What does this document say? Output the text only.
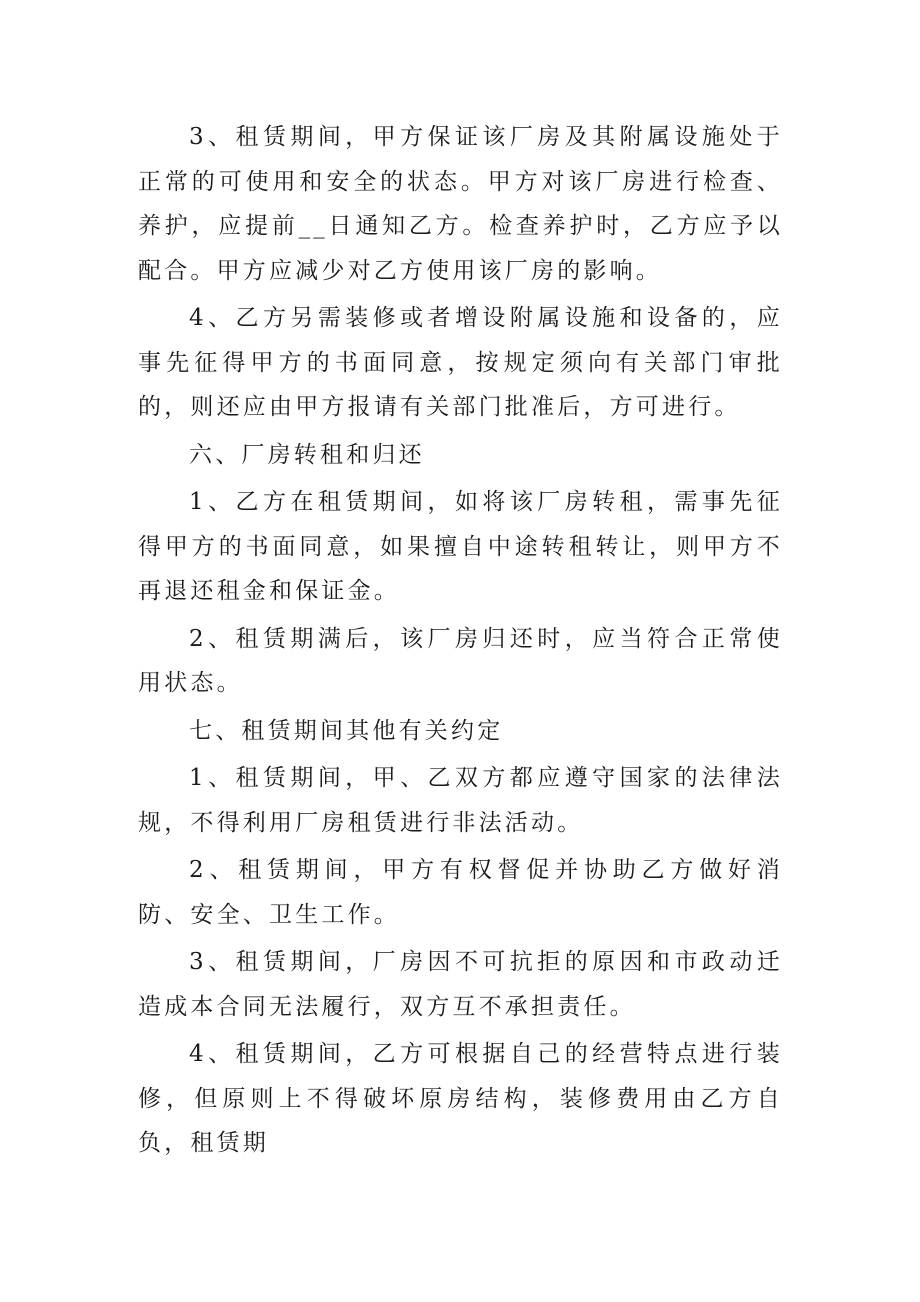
3、租赁期间，甲方保证该厂房及其附属设施处于正常的可使用和安全的状态。甲方对该厂房进行检查、养护，应提前__日通知乙方。检查养护时，乙方应予以配合。甲方应减少对乙方使用该厂房的影响。

4、乙方另需装修或者增设附属设施和设备的，应事先征得甲方的书面同意，按规定须向有关部门审批的，则还应由甲方报请有关部门批准后，方可进行。

六、厂房转租和归还

1、乙方在租赁期间，如将该厂房转租，需事先征得甲方的书面同意，如果擅自中途转租转让，则甲方不再退还租金和保证金。

2、租赁期满后，该厂房归还时，应当符合正常使用状态。

七、租赁期间其他有关约定

1、租赁期间，甲、乙双方都应遵守国家的法律法规，不得利用厂房租赁进行非法活动。

2、租赁期间，甲方有权督促并协助乙方做好消防、安全、卫生工作。

3、租赁期间，厂房因不可抗拒的原因和市政动迁造成本合同无法履行，双方互不承担责任。

4、租赁期间，乙方可根据自己的经营特点进行装修，但原则上不得破坏原房结构，装修费用由乙方自负，租赁期
